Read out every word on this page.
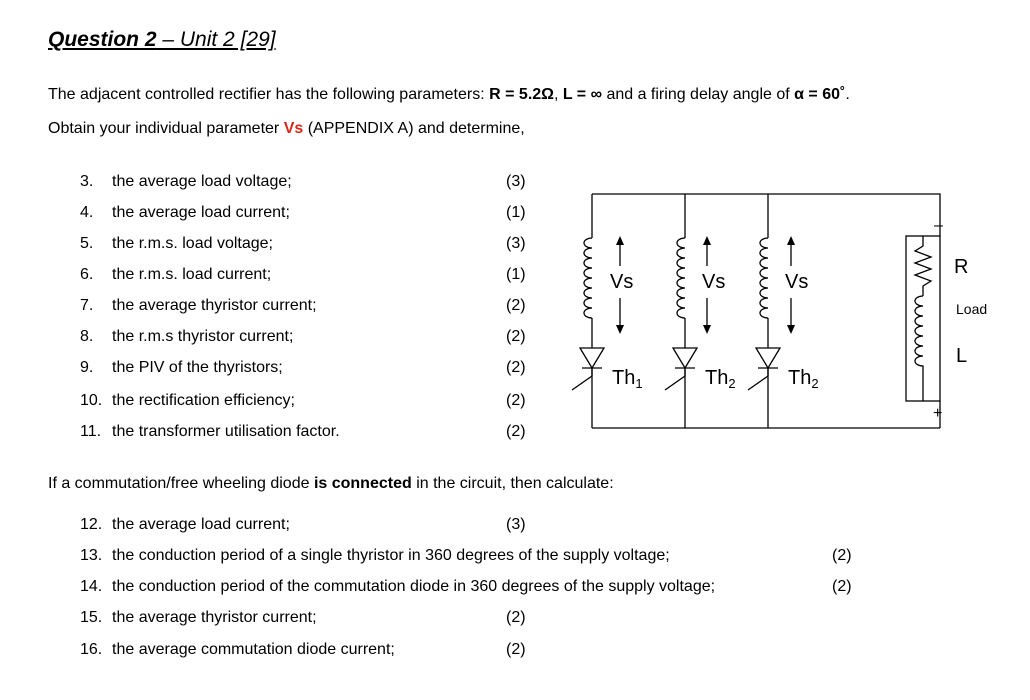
Question 2 – Unit 2 [29]
The adjacent controlled rectifier has the following parameters: R = 5.2Ω, L = ∞ and a firing delay angle of α = 60˚.
Obtain your individual parameter Vs (APPENDIX A) and determine,
3.	the average load voltage;	(3)
4.	the average load current;	(1)
5.	the r.m.s. load voltage;	(3)
6.	the r.m.s. load current;	(1)
7.	the average thyristor current;	(2)
8.	the r.m.s thyristor current;	(2)
9.	the PIV of the thyristors;	(2)
10. the rectification efficiency;	(2)
11. the transformer utilisation factor.	(2)
If a commutation/free wheeling diode is connected in the circuit, then calculate:
12. the average load current;	(3)
13. the conduction period of a single thyristor in 360 degrees of the supply voltage;	(2)
14. the conduction period of the commutation diode in 360 degrees of the supply voltage;	(2)
15. the average thyristor current;	(2)
16. the average commutation diode current;	(2)
Vs	Vs	Vs
$Th_1$	$Th_2$	$Th_2$
R
L
Load
–
+
